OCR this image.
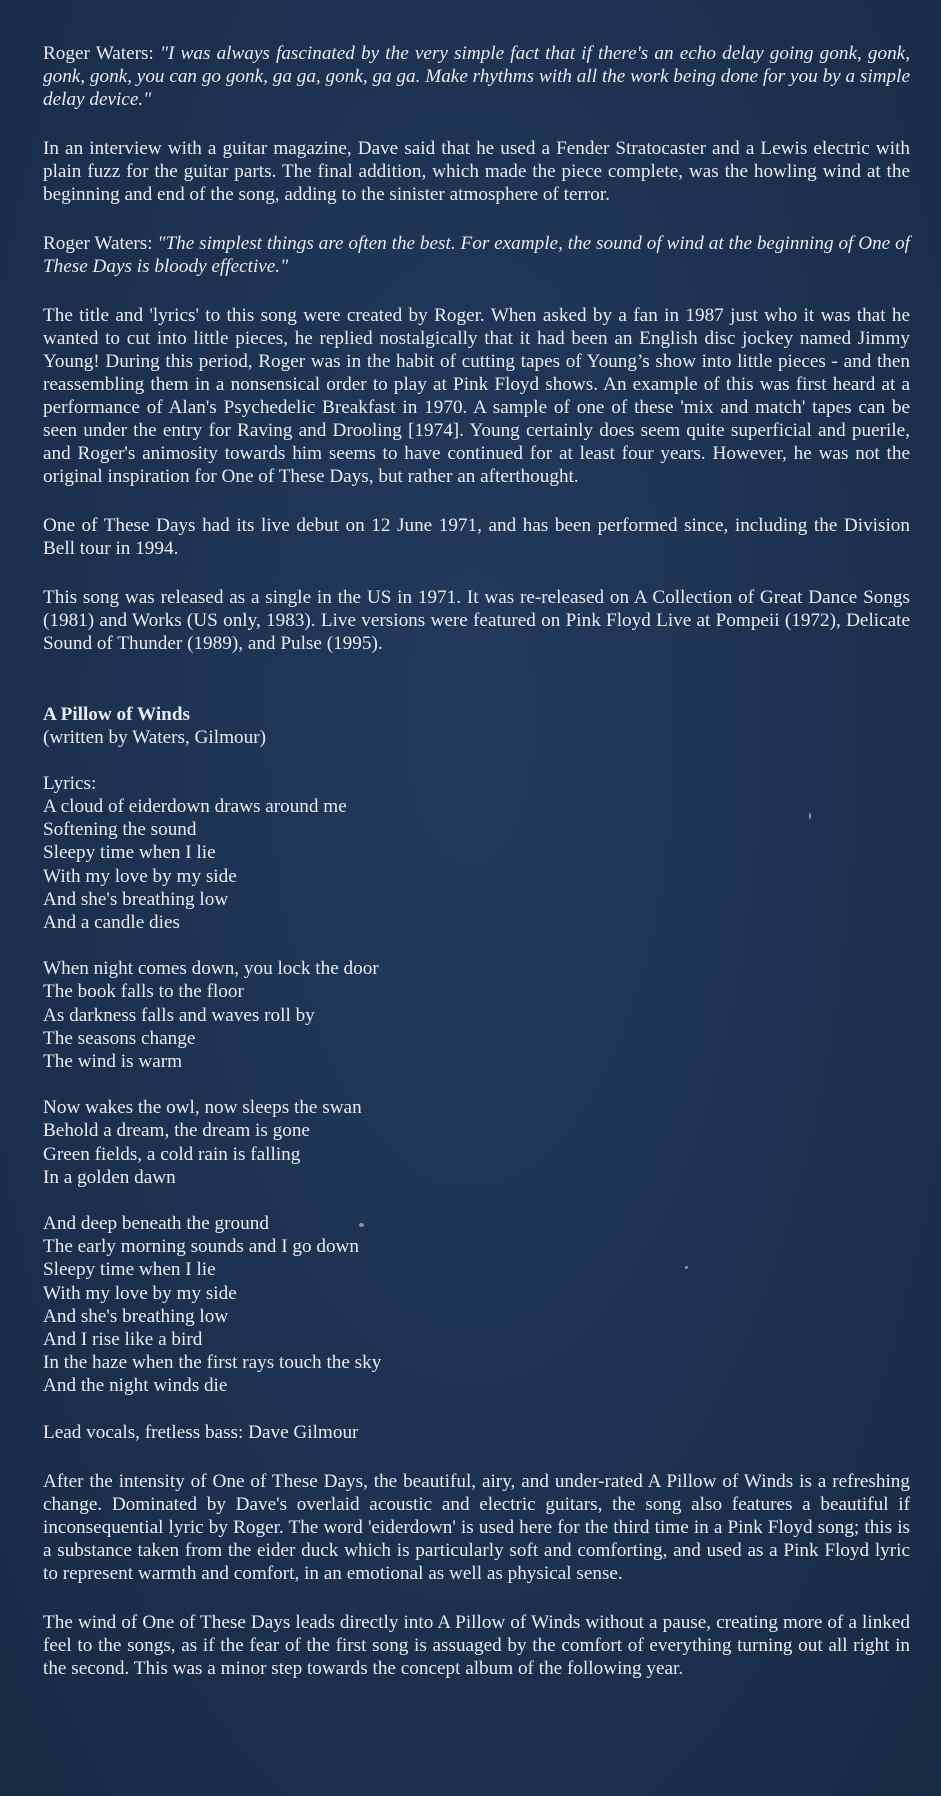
Roger Waters: "I was always fascinated by the very simple fact that if there's an echo delay going gonk, gonk, gonk, gonk, you can go gonk, ga ga, gonk, ga ga. Make rhythms with all the work being done for you by a simple delay device."

In an interview with a guitar magazine, Dave said that he used a Fender Stratocaster and a Lewis electric with plain fuzz for the guitar parts. The final addition, which made the piece complete, was the howling wind at the beginning and end of the song, adding to the sinister atmosphere of terror.

Roger Waters: "The simplest things are often the best. For example, the sound of wind at the beginning of One of These Days is bloody effective."

The title and 'lyrics' to this song were created by Roger. When asked by a fan in 1987 just who it was that he wanted to cut into little pieces, he replied nostalgically that it had been an English disc jockey named Jimmy Young! During this period, Roger was in the habit of cutting tapes of Young’s show into little pieces - and then reassembling them in a nonsensical order to play at Pink Floyd shows. An example of this was first heard at a performance of Alan's Psychedelic Breakfast in 1970. A sample of one of these 'mix and match' tapes can be seen under the entry for Raving and Drooling [1974]. Young certainly does seem quite superficial and puerile, and Roger's animosity towards him seems to have continued for at least four years. However, he was not the original inspiration for One of These Days, but rather an afterthought.

One of These Days had its live debut on 12 June 1971, and has been performed since, including the Division Bell tour in 1994.

This song was released as a single in the US in 1971. It was re-released on A Collection of Great Dance Songs (1981) and Works (US only, 1983). Live versions were featured on Pink Floyd Live at Pompeii (1972), Delicate Sound of Thunder (1989), and Pulse (1995).

A Pillow of Winds

(written by Waters, Gilmour)

Lyrics:

A cloud of eiderdown draws around me
Softening the sound
Sleepy time when I lie
With my love by my side
And she's breathing low
And a candle dies
When night comes down, you lock the door
The book falls to the floor
As darkness falls and waves roll by
The seasons change
The wind is warm
Now wakes the owl, now sleeps the swan
Behold a dream, the dream is gone
Green fields, a cold rain is falling
In a golden dawn
And deep beneath the ground
The early morning sounds and I go down
Sleepy time when I lie
With my love by my side
And she's breathing low
And I rise like a bird
In the haze when the first rays touch the sky
And the night winds die

Lead vocals, fretless bass: Dave Gilmour

After the intensity of One of These Days, the beautiful, airy, and under-rated A Pillow of Winds is a refreshing change. Dominated by Dave's overlaid acoustic and electric guitars, the song also features a beautiful if inconsequential lyric by Roger. The word 'eiderdown' is used here for the third time in a Pink Floyd song; this is a substance taken from the eider duck which is particularly soft and comforting, and used as a Pink Floyd lyric to represent warmth and comfort, in an emotional as well as physical sense.

The wind of One of These Days leads directly into A Pillow of Winds without a pause, creating more of a linked feel to the songs, as if the fear of the first song is assuaged by the comfort of everything turning out all right in the second. This was a minor step towards the concept album of the following year.
